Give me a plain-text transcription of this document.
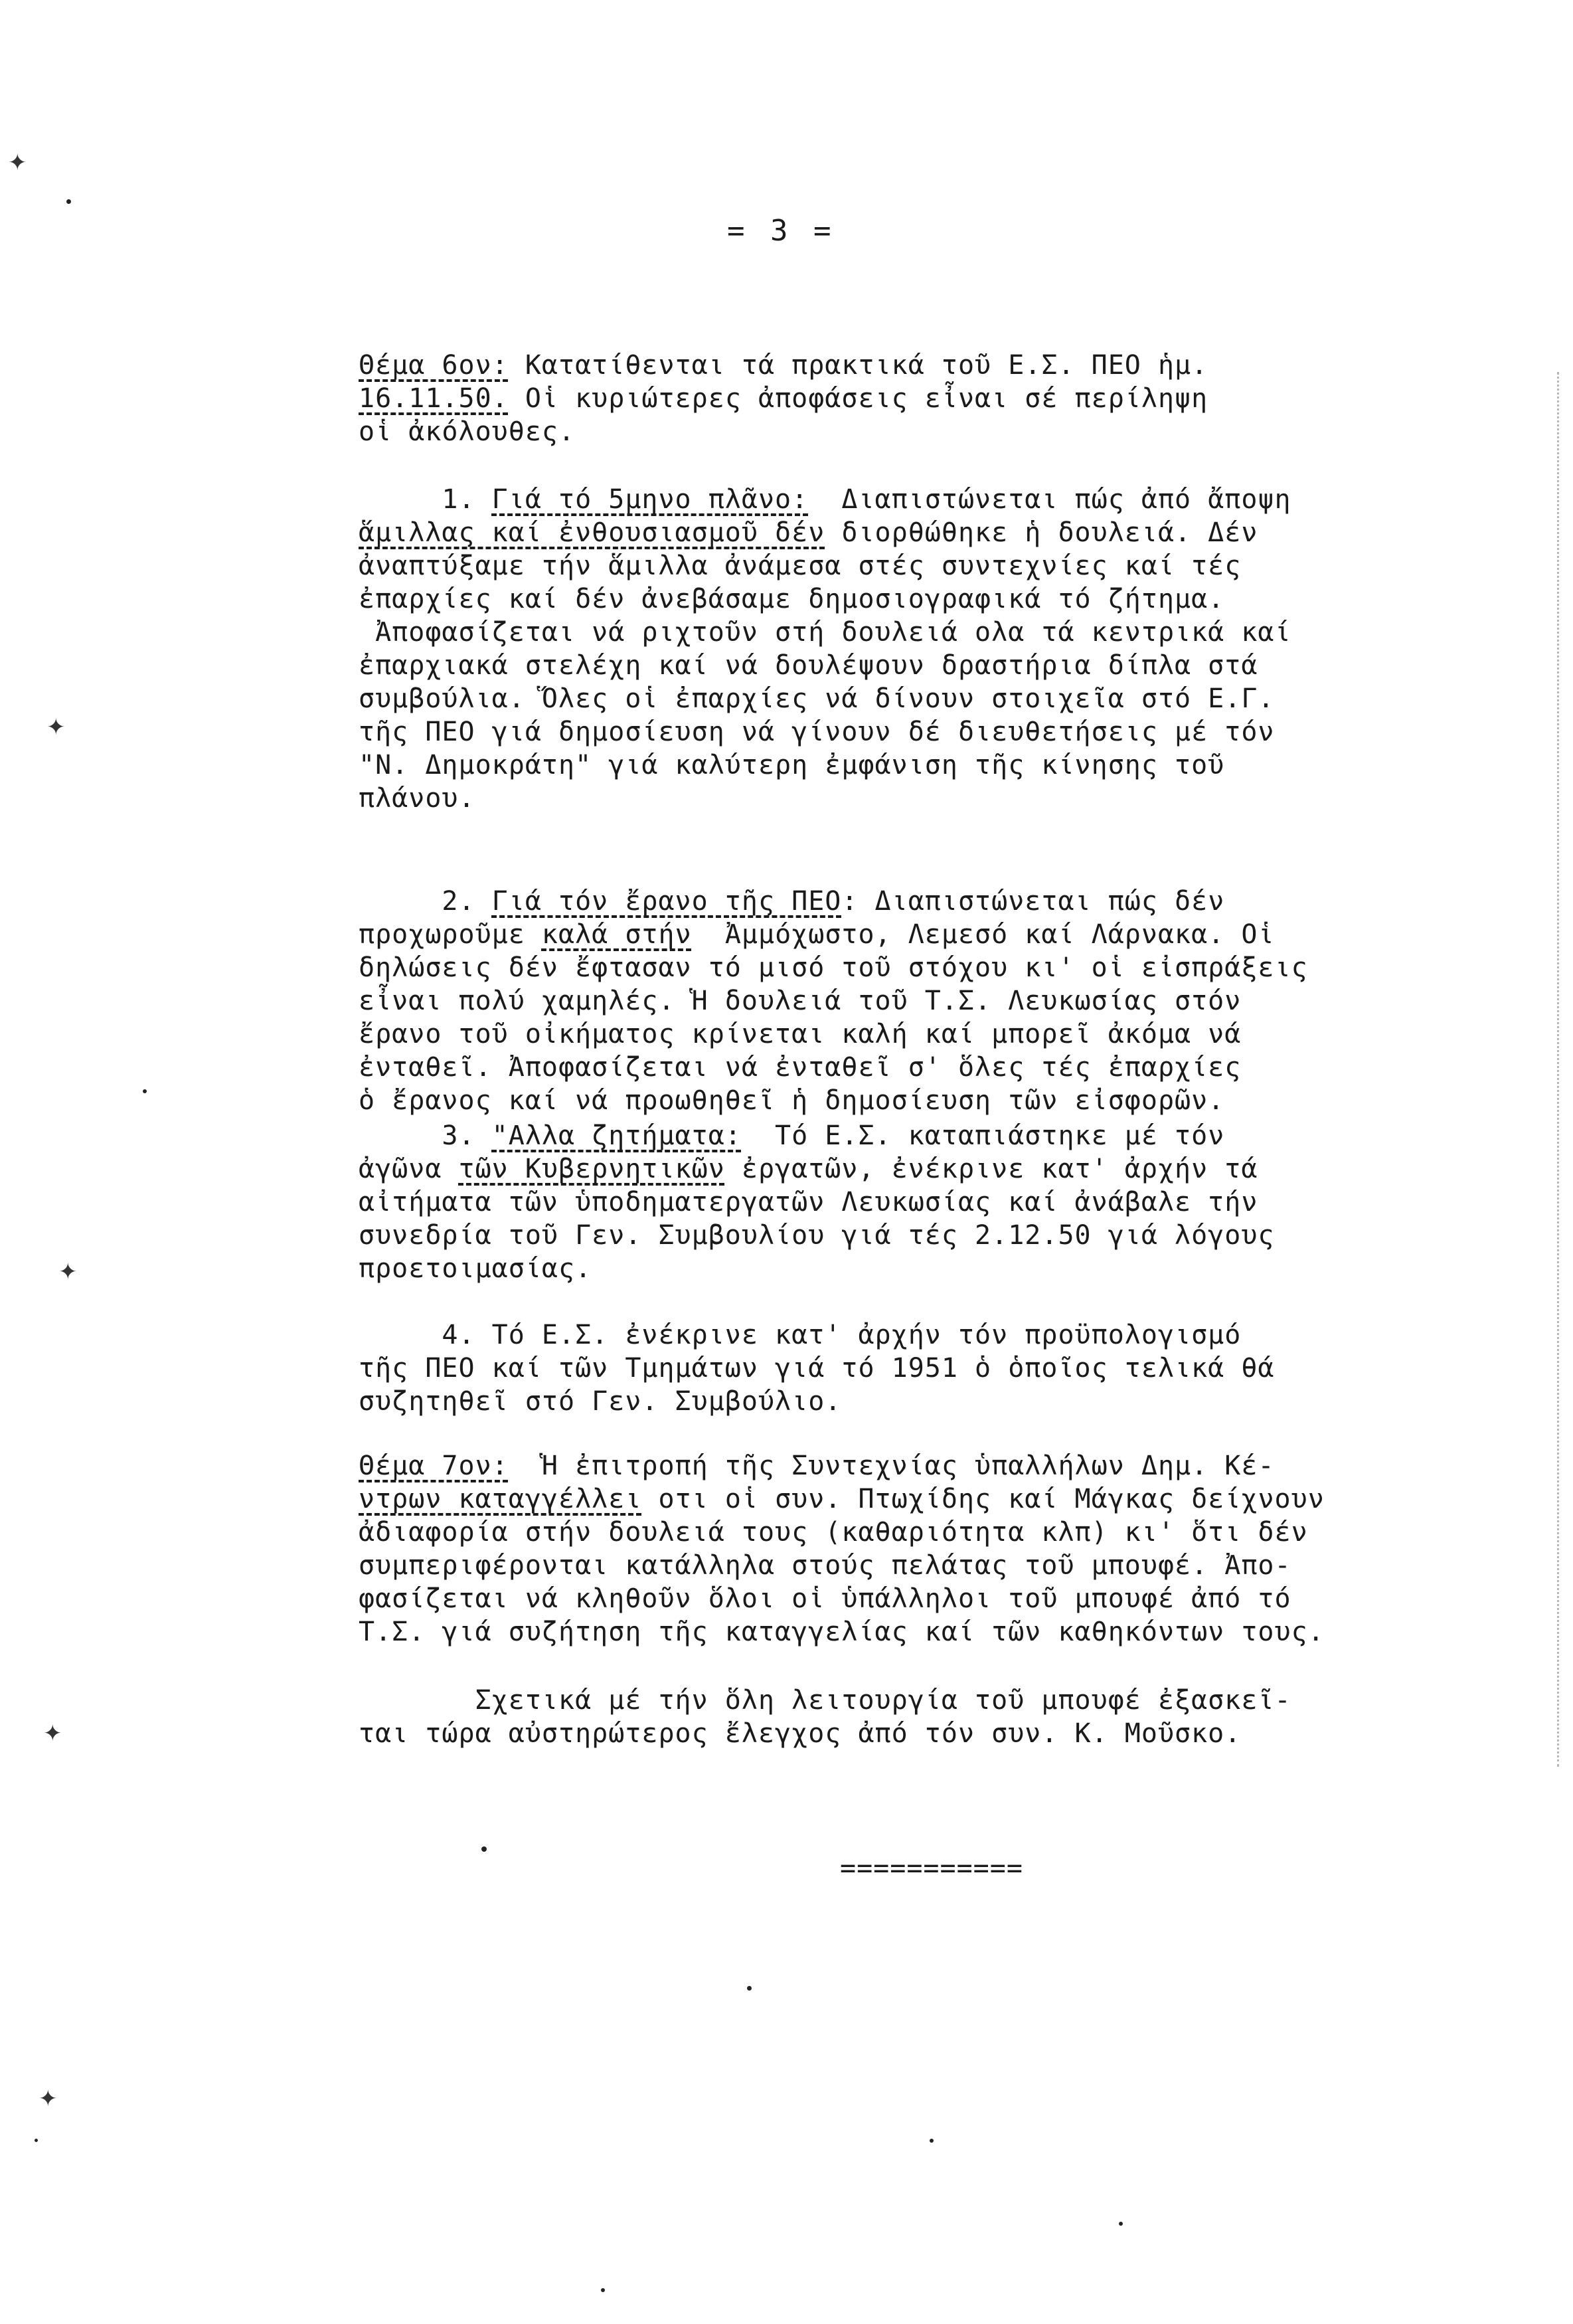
= 3 =
Θέμα 6ον: Κατατίθενται τά πρακτικά τοῦ Ε.Σ. ΠΕΟ ἡμ.
16.11.50. Οἱ κυριώτερες ἀποφάσεις εἶναι σέ περίληψη
οἱ ἀκόλουθες.
1. Γιά τό 5μηνο πλᾶνο:  Διαπιστώνεται πώς ἀπό ἄποψη
ἅμιλλας καί ἐνθουσιασμοῦ δέν διορθώθηκε ἡ δουλειά. Δέν
ἀναπτύξαμε τήν ἅμιλλα ἀνάμεσα στές συντεχνίες καί τές
ἐπαρχίες καί δέν ἀνεβάσαμε δημοσιογραφικά τό ζήτημα.
Ἀποφασίζεται νά ριχτοῦν στή δουλειά ολα τά κεντρικά καί
ἐπαρχιακά στελέχη καί νά δουλέψουν δραστήρια δίπλα στά
συμβούλια. Ὅλες οἱ ἐπαρχίες νά δίνουν στοιχεῖα στό Ε.Γ.
τῆς ΠΕΟ γιά δημοσίευση νά γίνουν δέ διευθετήσεις μέ τόν
"Ν. Δημοκράτη" γιά καλύτερη ἐμφάνιση τῆς κίνησης τοῦ
πλάνου.
2. Γιά τόν ἔρανο τῆς ΠΕΟ: Διαπιστώνεται πώς δέν
προχωροῦμε καλά στήν  Ἀμμόχωστο, Λεμεσό καί Λάρνακα. Οἱ
δηλώσεις δέν ἔφτασαν τό μισό τοῦ στόχου κι' οἱ εἰσπράξεις
εἶναι πολύ χαμηλές. Ἡ δουλειά τοῦ Τ.Σ. Λευκωσίας στόν
ἔρανο τοῦ οἰκήματος κρίνεται καλή καί μπορεῖ ἀκόμα νά
ἐνταθεῖ. Ἀποφασίζεται νά ἐνταθεῖ σ' ὅλες τές ἐπαρχίες
ὁ ἔρανος καί νά προωθηθεῖ ἡ δημοσίευση τῶν εἰσφορῶν.
3. "Αλλα ζητήματα:  Τό Ε.Σ. καταπιάστηκε μέ τόν
ἀγῶνα τῶν Κυβερνητικῶν ἐργατῶν, ἐνέκρινε κατ' ἀρχήν τά
αἰτήματα τῶν ὑποδηματεργατῶν Λευκωσίας καί ἀνάβαλε τήν
συνεδρία τοῦ Γεν. Συμβουλίου γιά τές 2.12.50 γιά λόγους
προετοιμασίας.
4. Τό Ε.Σ. ἐνέκρινε κατ' ἀρχήν τόν προϋπολογισμό
τῆς ΠΕΟ καί τῶν Τμημάτων γιά τό 1951 ὁ ὁποῖος τελικά θά
συζητηθεῖ στό Γεν. Συμβούλιο.
Θέμα 7ον:  Ἡ ἐπιτροπή τῆς Συντεχνίας ὑπαλλήλων Δημ. Κέ-
ντρων καταγγέλλει οτι οἱ συν. Πτωχίδης καί Μάγκας δείχνουν
ἀδιαφορία στήν δουλειά τους (καθαριότητα κλπ) κι' ὅτι δέν
συμπεριφέρονται κατάλληλα στούς πελάτας τοῦ μπουφέ. Ἀπο-
φασίζεται νά κληθοῦν ὅλοι οἱ ὑπάλληλοι τοῦ μπουφέ ἀπό τό
Τ.Σ. γιά συζήτηση τῆς καταγγελίας καί τῶν καθηκόντων τους.
Σχετικά μέ τήν ὅλη λειτουργία τοῦ μπουφέ ἐξασκεῖ-
ται τώρα αὐστηρώτερος ἔλεγχος ἀπό τόν συν. Κ. Μοῦσκο.
===========
✦
✦
✦
✦
✦
